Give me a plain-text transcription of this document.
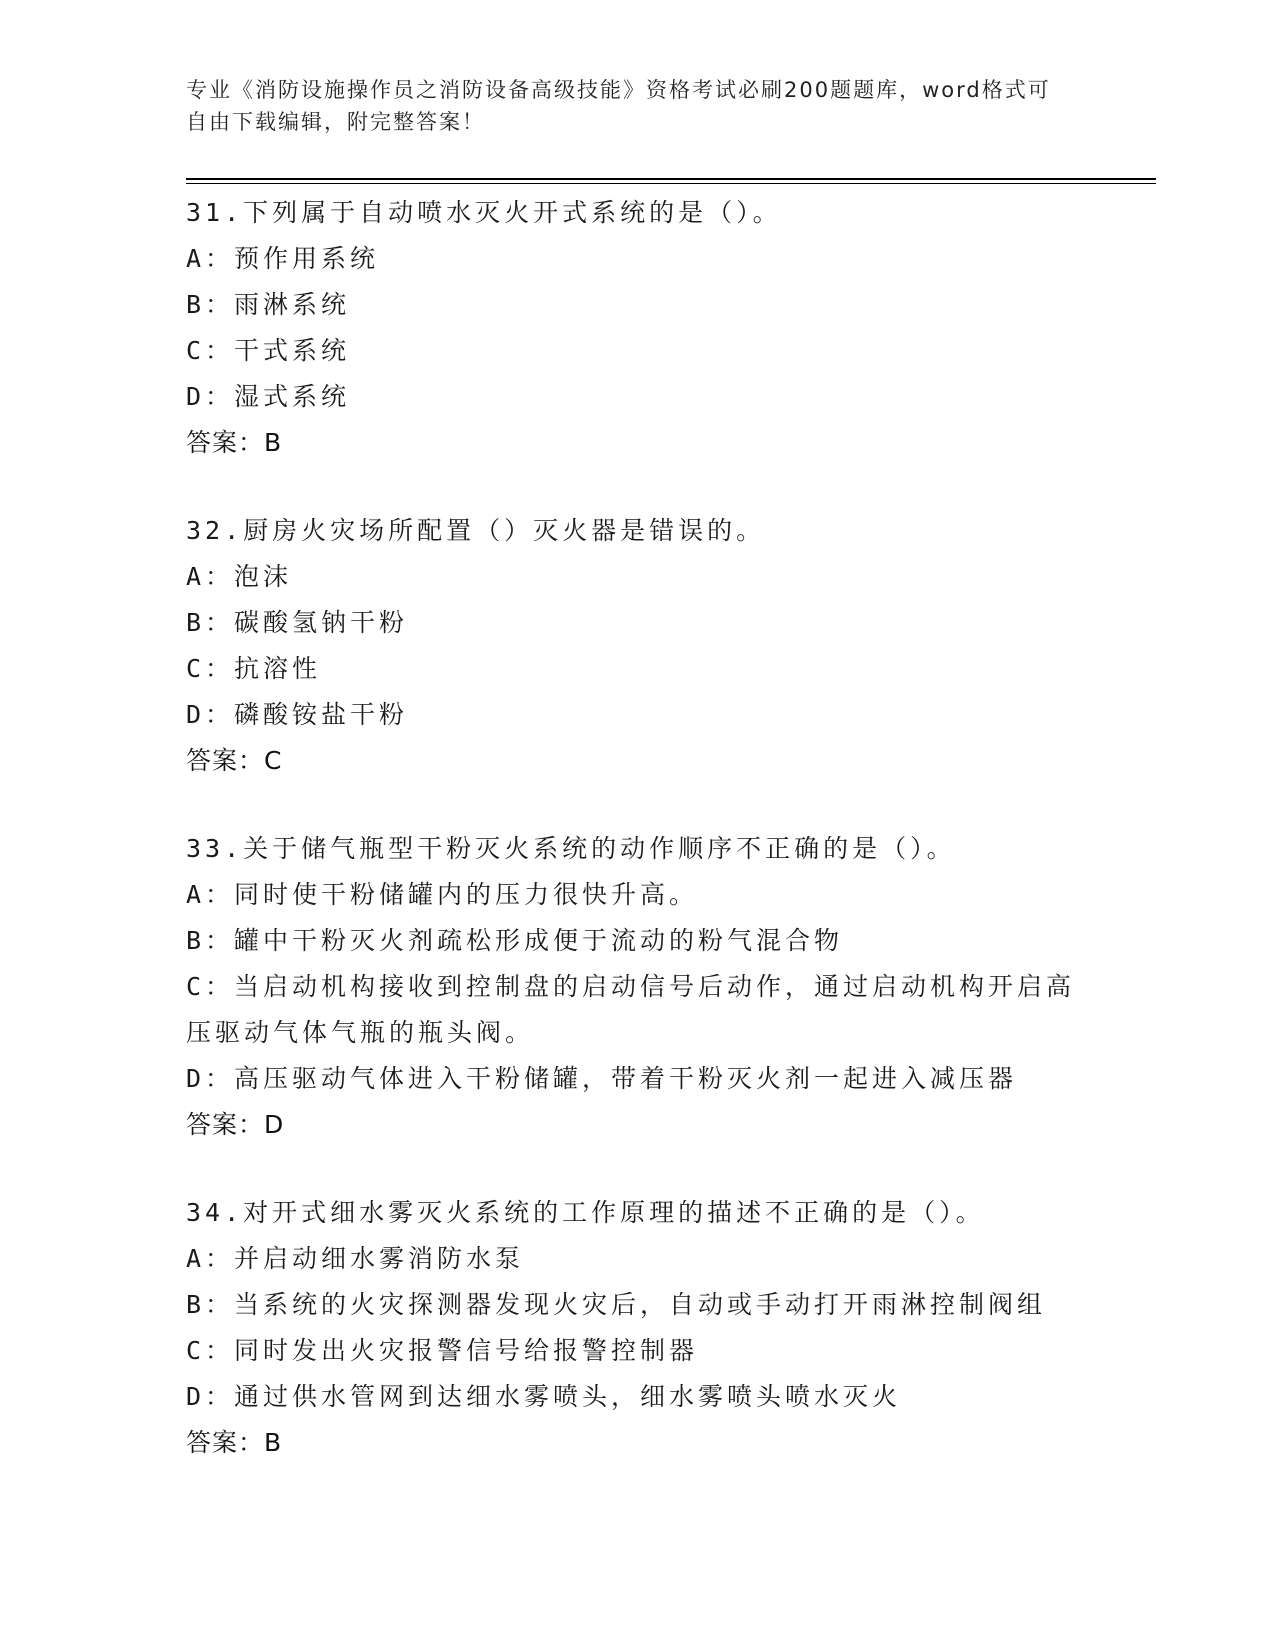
专业《消防设施操作员之消防设备高级技能》资格考试必刷200题题库，word格式可自由下载编辑，附完整答案！
31.下列属于自动喷水灭火开式系统的是（）。
A：预作用系统
B：雨淋系统
C：干式系统
D：湿式系统
答案：B
32.厨房火灾场所配置（）灭火器是错误的。
A：泡沫
B：碳酸氢钠干粉
C：抗溶性
D：磷酸铵盐干粉
答案：C
33.关于储气瓶型干粉灭火系统的动作顺序不正确的是（）。
A：同时使干粉储罐内的压力很快升高。
B：罐中干粉灭火剂疏松形成便于流动的粉气混合物
C：当启动机构接收到控制盘的启动信号后动作，通过启动机构开启高压驱动气体气瓶的瓶头阀。
D：高压驱动气体进入干粉储罐，带着干粉灭火剂一起进入减压器
答案：D
34.对开式细水雾灭火系统的工作原理的描述不正确的是（）。
A：并启动细水雾消防水泵
B：当系统的火灾探测器发现火灾后，自动或手动打开雨淋控制阀组
C：同时发出火灾报警信号给报警控制器
D：通过供水管网到达细水雾喷头，细水雾喷头喷水灭火
答案：B
